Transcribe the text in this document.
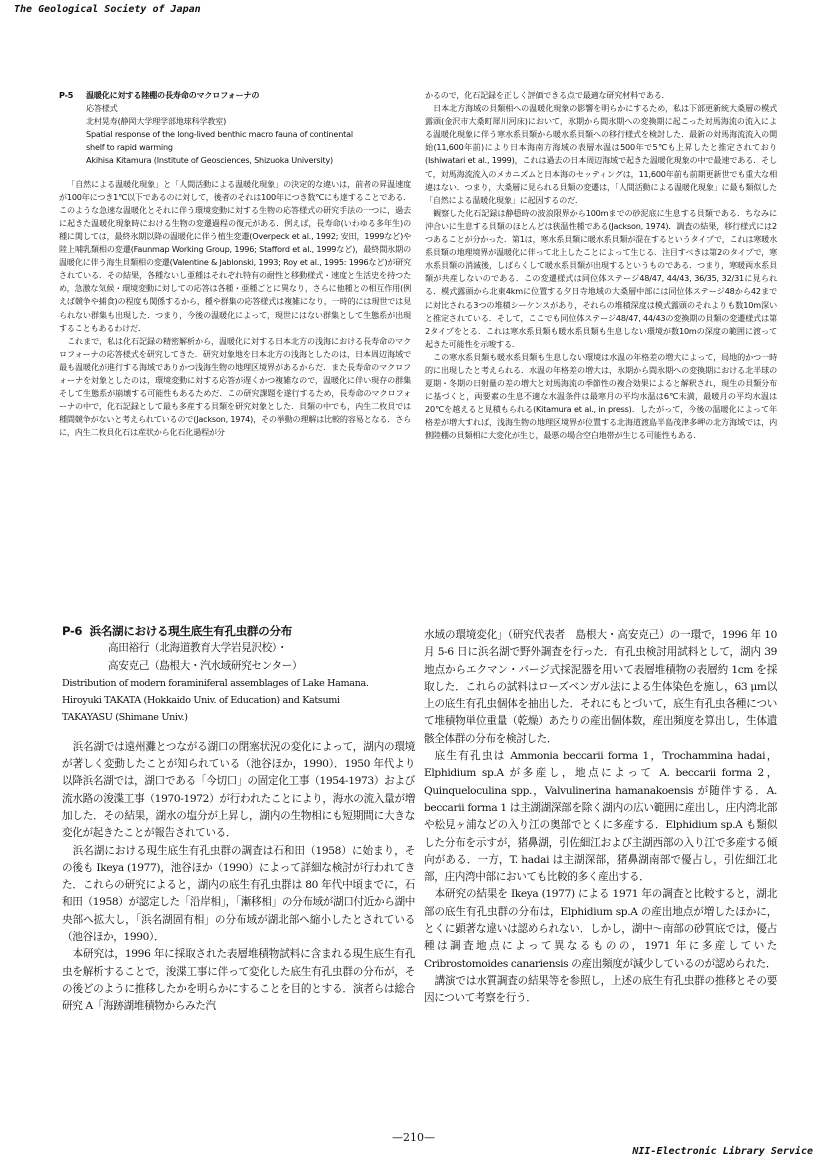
The Geological Society of Japan
P-5	温暖化に対する陸棚の長寿命のマクロフォーナの
応答様式
北村晃寿(静岡大学理学部地球科学教室)
Spatial response of the long-lived benthic macro fauna of continental
shelf to rapid warming
Akihisa Kitamura (Institute of Geosciences, Shizuoka University)

「自然による温暖化現象」と「人間活動による温暖化現象」の決定的な違いは，前者の昇温速度が100年につき1℃以下であるのに対して，後者のそれは100年につき数℃にも達することである．このような急速な温暖化とそれに伴う環境変動に対する生物の応答様式の研究手法の一つに，過去に起きた温暖化現象時における生物の変遷過程の復元がある．例えば，長寿命(いわゆる多年生)の種に関しては，最終氷期以降の温暖化に伴う植生変遷(Overpeck et al., 1992; 安田，1999など)や陸上哺乳類相の変遷(Faunmap Working Group, 1996; Stafford et al., 1999など)，最終間氷期の温暖化に伴う海生貝類相の変遷(Valentine & Jablonski, 1993; Roy et al., 1995: 1996など)が研究されている．その結果，各種ないし亜種はそれぞれ特有の耐性と移動様式・速度と生活史を持つため，急激な気候・環境変動に対しての応答は各種・亜種ごとに異なり，さらに他種との相互作用(例えば競争や捕食)の程度も関係するから，種や群集の応答様式は複雑になり，一時的には現世では見られない群集も出現した．つまり，今後の温暖化によって，現世にはない群集として生態系が出現することもあるわけだ．

これまで，私は化石記録の精密解析から，温暖化に対する日本北方の浅海における長寿命のマクロフォーナの応答様式を研究してきた．研究対象地を日本北方の浅海としたのは，日本周辺海域で最も温暖化が進行する海域でありかつ浅海生物の地理区境界があるからだ．また長寿命のマクロフォーナを対象としたのは，環境変動に対する応答が遅くかつ複雑なので，温暖化に伴い現存の群集そして生態系が崩壊する可能性もあるためだ．この研究課題を遂行するため，長寿命のマクロフォーナの中で，化石記録として最も多産する貝類を研究対象とした．貝類の中でも，内生二枚貝では種間競争がないと考えられているので(Jackson, 1974)，その挙動の理解は比較的容易となる．さらに，内生二枚貝化石は産状から化石化過程が分

かるので，化石記録を正しく評価できる点で最適な研究材料である．

日本北方海域の貝類相への温暖化現象の影響を明らかにするため，私は下部更新統大桑層の模式露頭(金沢市大桑町犀川河床)において，氷期から間氷期への変換期に起こった対馬海流の流入による温暖化現象に伴う寒水系貝類から暖水系貝類への移行様式を検討した．最新の対馬海流流入の開始(11,600年前)により日本海南方海域の表層水温は500年で5℃も上昇したと推定されており(Ishiwatari et al., 1999)，これは過去の日本周辺海域で起きた温暖化現象の中で最速である．そして，対馬海流流入のメカニズムと日本海のセッティングは，11,600年前も前期更新世でも重大な相違はない．つまり，大桑層に見られる貝類の変遷は，「人間活動による温暖化現象」に最も類似した「自然による温暖化現象」に起因するのだ．

観察した化石記録は静穏時の波浪限界から100mまでの砂泥底に生息する貝類である．ちなみに沖合いに生息する貝類のほとんどは狭温性種である(Jackson, 1974)．調査の結果，移行様式には2つあることが分かった．第1は，寒水系貝類に暖水系貝類が混在するというタイプで，これは寒暖水系貝類の地理境界が温暖化に伴って北上したことによって生じる．注目すべきは第2のタイプで，寒水系貝類の消滅後，しばらくして暖水系貝類が出現するというものである．つまり，寒暖両水系貝類が共産しないのである．この変遷様式は同位体ステージ48/47, 44/43, 36/35, 32/31に見られる．模式露頭から北東4kmに位置する夕日寺地域の大桑層中部には同位体ステージ48から42までに対比される3つの堆積シーケンスがあり，それらの堆積深度は模式露頭のそれよりも数10m深いと推定されている．そして，ここでも同位体ステージ48/47, 44/43の変換期の貝類の変遷様式は第2タイプをとる．これは寒水系貝類も暖水系貝類も生息しない環境が数10mの深度の範囲に渡って起きた可能性を示唆する．

この寒水系貝類も暖水系貝類も生息しない環境は水温の年格差の増大によって，局地的かつ一時的に出現したと考えられる．水温の年格差の増大は，氷期から間氷期への変換期における北半球の夏期・冬期の日射量の差の増大と対馬海流の季節性の複合効果によると解釈され，現生の貝類分布に基づくと，両要素の生息不適な水温条件は最寒月の平均水温は6℃未満，最暖月の平均水温は20℃を越えると見積もられる(Kitamura et al., in press)．したがって，今後の温暖化によって年格差が増大すれば，浅海生物の地理区境界が位置する北海道渡島半島茂津多岬の北方海域では，内側陸棚の貝類相に大変化が生じ，最悪の場合空白地帯が生じる可能性もある．

P-6 浜名湖における現生底生有孔虫群の分布
高田裕行（北海道教育大学岩見沢校）・
高安克己（島根大・汽水域研究センター）
Distribution of modern foraminiferal assemblages of Lake Hamana.
Hiroyuki TAKATA (Hokkaido Univ. of Education) and Katsumi
TAKAYASU (Shimane Univ.)

浜名湖では遠州灘とつながる湖口の閉塞状況の変化によって，湖内の環境が著しく変動したことが知られている（池谷ほか，1990）．1950 年代より以降浜名湖では，湖口である「今切口」の固定化工事（1954-1973）および流水路の浚渫工事（1970-1972）が行われたことにより，海水の流入量が増加した．その結果，湖水の塩分が上昇し，湖内の生物相にも短期間に大きな変化が起きたことが報告されている．

浜名湖における現生底生有孔虫群の調査は石和田（1958）に始まり，その後も Ikeya (1977)，池谷ほか（1990）によって詳細な検討が行われてきた．これらの研究によると，湖内の底生有孔虫群は 80 年代中頃までに，石和田（1958）が認定した「沿岸相」，「漸移相」の分布域が湖口付近から湖中央部へ拡大し，「浜名湖固有相」の分布域が湖北部へ縮小したとされている（池谷ほか，1990）．

本研究は，1996 年に採取された表層堆積物試料に含まれる現生底生有孔虫を解析することで，浚渫工事に伴って変化した底生有孔虫群の分布が，その後どのように推移したかを明らかにすることを目的とする．演者らは総合研究 A「海跡湖堆積物からみた汽

水域の環境変化」（研究代表者　島根大・高安克己）の一環で，1996 年 10 月 5-6 日に浜名湖で野外調査を行った．有孔虫検討用試料として，湖内 39 地点からエクマン・バージ式採泥器を用いて表層堆積物の表層約 1cm を採取した．これらの試料はローズベンガル法による生体染色を施し，63 μm以上の底生有孔虫個体を抽出した．それにもとづいて，底生有孔虫各種について堆積物単位重量（乾燥）あたりの産出個体数，産出頻度を算出し，生体遺骸全体群の分布を検討した．

底生有孔虫は Ammonia beccarii forma 1，Trochammina hadai，Elphidium sp.A が多産し，地点によって A. beccarii forma 2，Quinqueloculina spp.，Valvulinerina hamanakoensis が随伴する．A. beccarii forma 1 は主湖湖深部を除く湖内の広い範囲に産出し，庄内湾北部や松見ヶ浦などの入り江の奥部でとくに多産する．Elphidium sp.A も類似した分布を示すが，猪鼻湖，引佐細江および主湖西部の入り江で多産する傾向がある．一方，T. hadai は主湖深部，猪鼻湖南部で優占し，引佐細江北部，庄内湾中部においても比較的多く産出する．

本研究の結果を Ikeya (1977) による 1971 年の調査と比較すると，湖北部の底生有孔虫群の分布は，Elphidium sp.A の産出地点が増したほかに，とくに顕著な違いは認められない．しかし，湖中～南部の砂質底では，優占種は調査地点によって異なるものの，1971 年に多産していた Cribrostomoides canariensis の産出頻度が減少しているのが認められた．

講演では水質調査の結果等を参照し，上述の底生有孔虫群の推移とその要因について考察を行う．

—210—
NII-Electronic Library Service
